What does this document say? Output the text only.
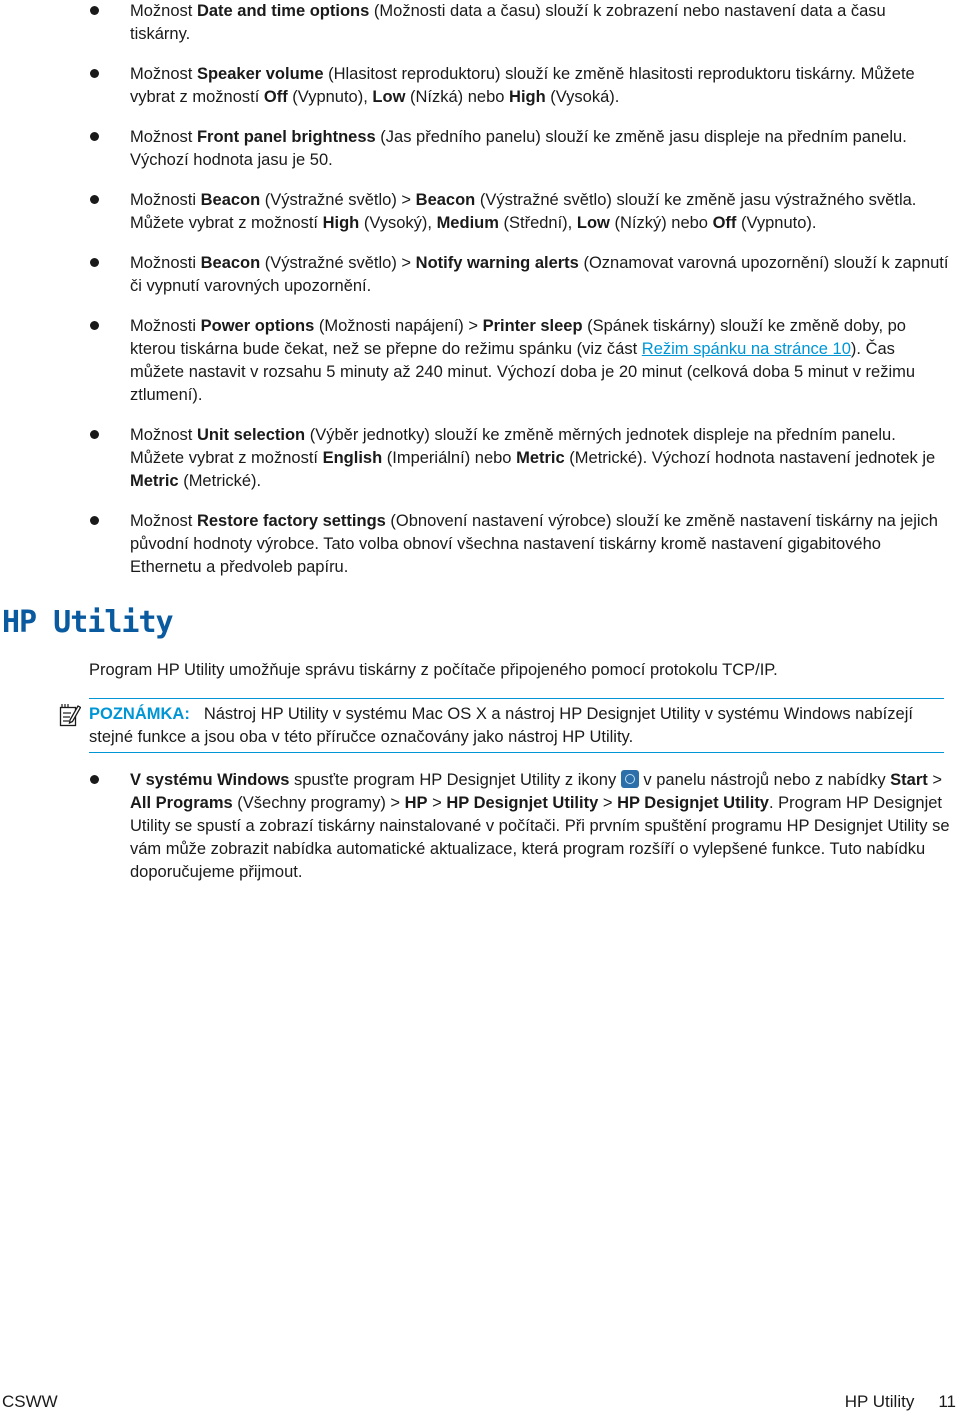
Možnost Date and time options (Možnosti data a času) slouží k zobrazení nebo nastavení data a času tiskárny.
Možnost Speaker volume (Hlasitost reproduktoru) slouží ke změně hlasitosti reproduktoru tiskárny. Můžete vybrat z možností Off (Vypnuto), Low (Nízká) nebo High (Vysoká).
Možnost Front panel brightness (Jas předního panelu) slouží ke změně jasu displeje na předním panelu. Výchozí hodnota jasu je 50.
Možnosti Beacon (Výstražné světlo) > Beacon (Výstražné světlo) slouží ke změně jasu výstražného světla. Můžete vybrat z možností High (Vysoký), Medium (Střední), Low (Nízký) nebo Off (Vypnuto).
Možnosti Beacon (Výstražné světlo) > Notify warning alerts (Oznamovat varovná upozornění) slouží k zapnutí či vypnutí varovných upozornění.
Možnosti Power options (Možnosti napájení) > Printer sleep (Spánek tiskárny) slouží ke změně doby, po kterou tiskárna bude čekat, než se přepne do režimu spánku (viz část Režim spánku na stránce 10). Čas můžete nastavit v rozsahu 5 minuty až 240 minut. Výchozí doba je 20 minut (celková doba 5 minut v režimu ztlumení).
Možnost Unit selection (Výběr jednotky) slouží ke změně měrných jednotek displeje na předním panelu. Můžete vybrat z možností English (Imperiální) nebo Metric (Metrické). Výchozí hodnota nastavení jednotek je Metric (Metrické).
Možnost Restore factory settings (Obnovení nastavení výrobce) slouží ke změně nastavení tiskárny na jejich původní hodnoty výrobce. Tato volba obnoví všechna nastavení tiskárny kromě nastavení gigabitového Ethernetu a předvoleb papíru.
HP Utility

Program HP Utility umožňuje správu tiskárny z počítače připojeného pomocí protokolu TCP/IP.

POZNÁMKA: Nástroj HP Utility v systému Mac OS X a nástroj HP Designjet Utility v systému Windows nabízejí stejné funkce a jsou oba v této příručce označovány jako nástroj HP Utility.
V systému Windows spusťte program HP Designjet Utility z ikony  v panelu nástrojů nebo z nabídky Start > All Programs (Všechny programy) > HP > HP Designjet Utility > HP Designjet Utility. Program HP Designjet Utility se spustí a zobrazí tiskárny nainstalované v počítači. Při prvním spuštění programu HP Designjet Utility se vám může zobrazit nabídka automatické aktualizace, která program rozšíří o vylepšené funkce. Tuto nabídku doporučujeme přijmout.
CSWW	HP Utility 11
